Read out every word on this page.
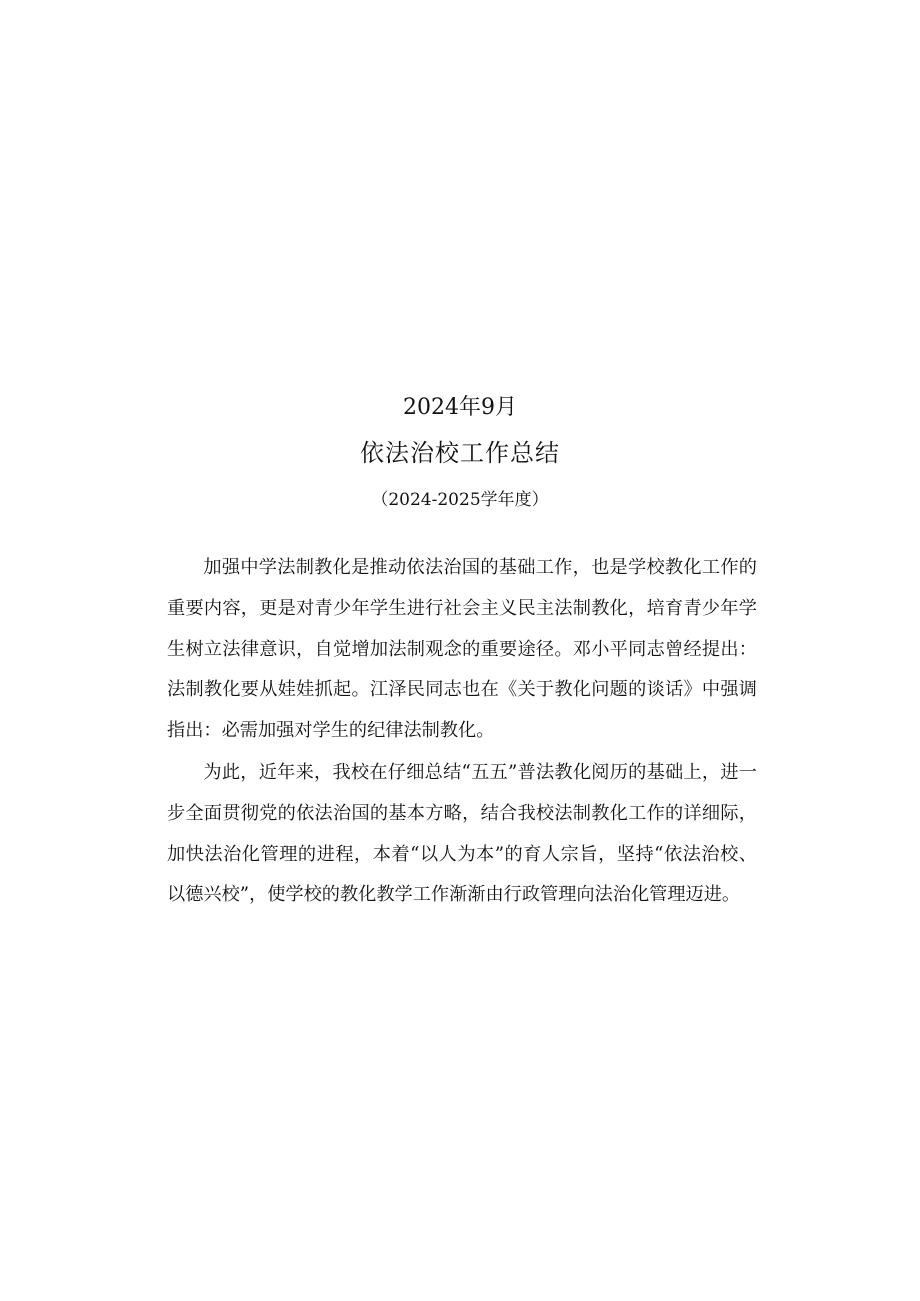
2024年9月
依法治校工作总结
（2024-2025学年度）

加强中学法制教化是推动依法治国的基础工作，也是学校教化工作的重要内容，更是对青少年学生进行社会主义民主法制教化，培育青少年学生树立法律意识，自觉增加法制观念的重要途径。邓小平同志曾经提出：法制教化要从娃娃抓起。江泽民同志也在《关于教化问题的谈话》中强调指出：必需加强对学生的纪律法制教化。

为此，近年来，我校在仔细总结“五五”普法教化阅历的基础上，进一步全面贯彻党的依法治国的基本方略，结合我校法制教化工作的详细际，加快法治化管理的进程，本着“以人为本”的育人宗旨，坚持“依法治校、以德兴校”，使学校的教化教学工作渐渐由行政管理向法治化管理迈进。
